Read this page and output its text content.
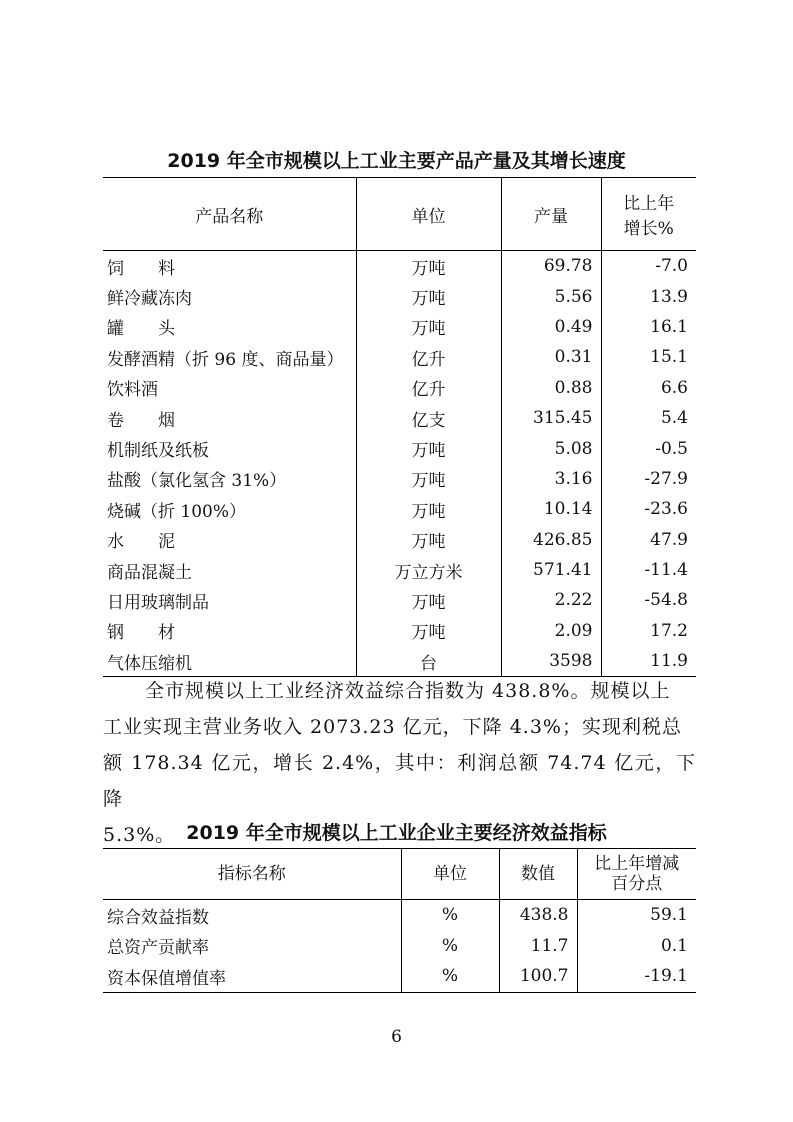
2019 年全市规模以上工业主要产品产量及其增长速度
产品名称	单位	产量	比上年
增长%

饲　　料	万吨	69.78	-7.0
鲜冷藏冻肉	万吨	5.56	13.9
罐　　头	万吨	0.49	16.1
发酵酒精（折 96 度、商品量）	亿升	0.31	15.1
饮料酒	亿升	0.88	6.6
卷　　烟	亿支	315.45	5.4
机制纸及纸板	万吨	5.08	-0.5
盐酸（氯化氢含 31%）	万吨	3.16	-27.9
烧碱（折 100%）	万吨	10.14	-23.6
水　　泥	万吨	426.85	47.9
商品混凝土	万立方米	571.41	-11.4
日用玻璃制品	万吨	2.22	-54.8
钢　　材	万吨	2.09	17.2
气体压缩机	台	3598	11.9

全市规模以上工业经济效益综合指数为 438.8%。规模以上
工业实现主营业务收入 2073.23 亿元，下降 4.3%；实现利税总
额 178.34 亿元，增长 2.4%，其中：利润总额 74.74 亿元，下降
5.3%。 2019 年全市规模以上工业企业主要经济效益指标
指标名称	单位	数值	比上年增减
百分点

综合效益指数	%	438.8	59.1
总资产贡献率	%	11.7	0.1
资本保值增值率	%	100.7	-19.1
6
